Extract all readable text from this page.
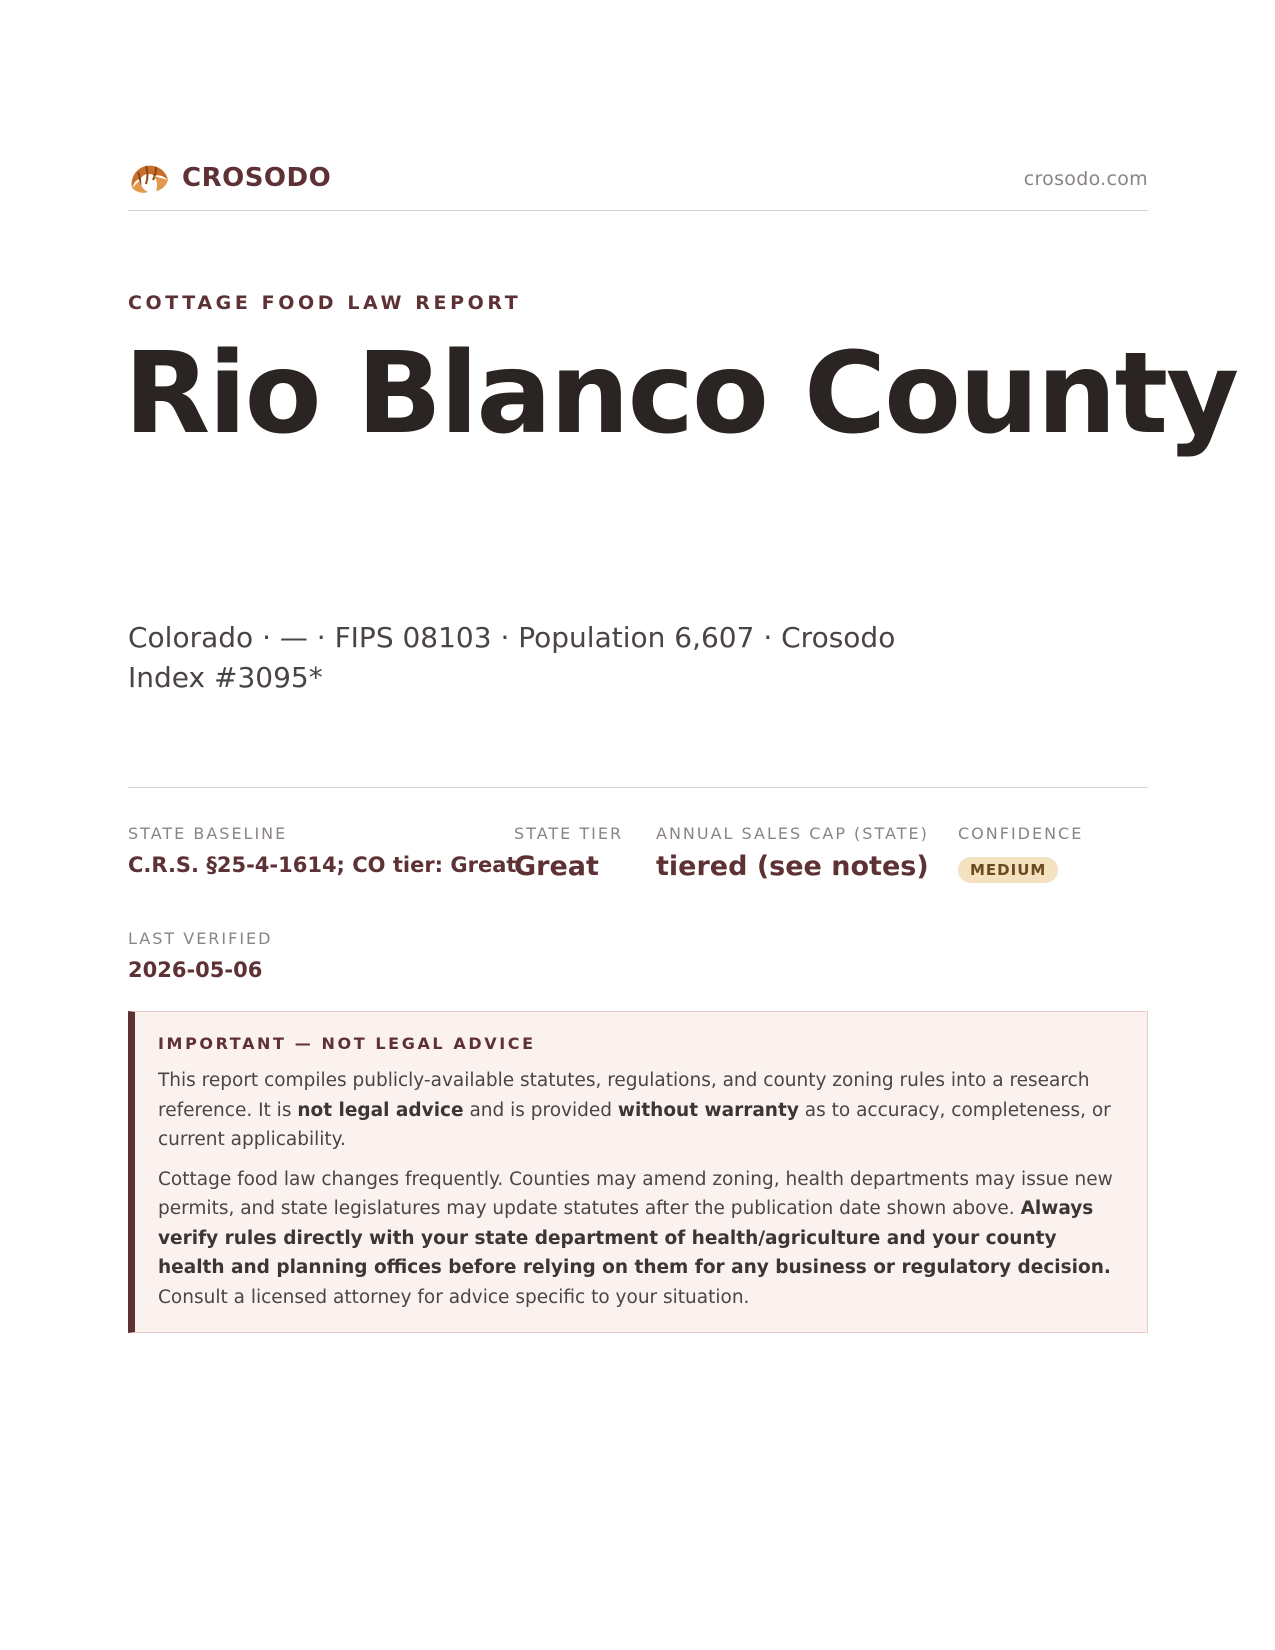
CROSODO	crosodo.com
COTTAGE FOOD LAW REPORT
Rio Blanco County
Colorado · — · FIPS 08103 · Population 6,607 · Crosodo Index #3095*
STATE BASELINE
C.R.S. §25-4-1614; CO tier: Great
STATE TIER
Great
ANNUAL SALES CAP (STATE)
tiered (see notes)
CONFIDENCE
MEDIUM
LAST VERIFIED
2026-05-06
IMPORTANT — NOT LEGAL ADVICE

This report compiles publicly-available statutes, regulations, and county zoning rules into a research reference. It is not legal advice and is provided without warranty as to accuracy, completeness, or current applicability.

Cottage food law changes frequently. Counties may amend zoning, health departments may issue new permits, and state legislatures may update statutes after the publication date shown above. Always verify rules directly with your state department of health/agriculture and your county health and planning offices before relying on them for any business or regulatory decision. Consult a licensed attorney for advice specific to your situation.
